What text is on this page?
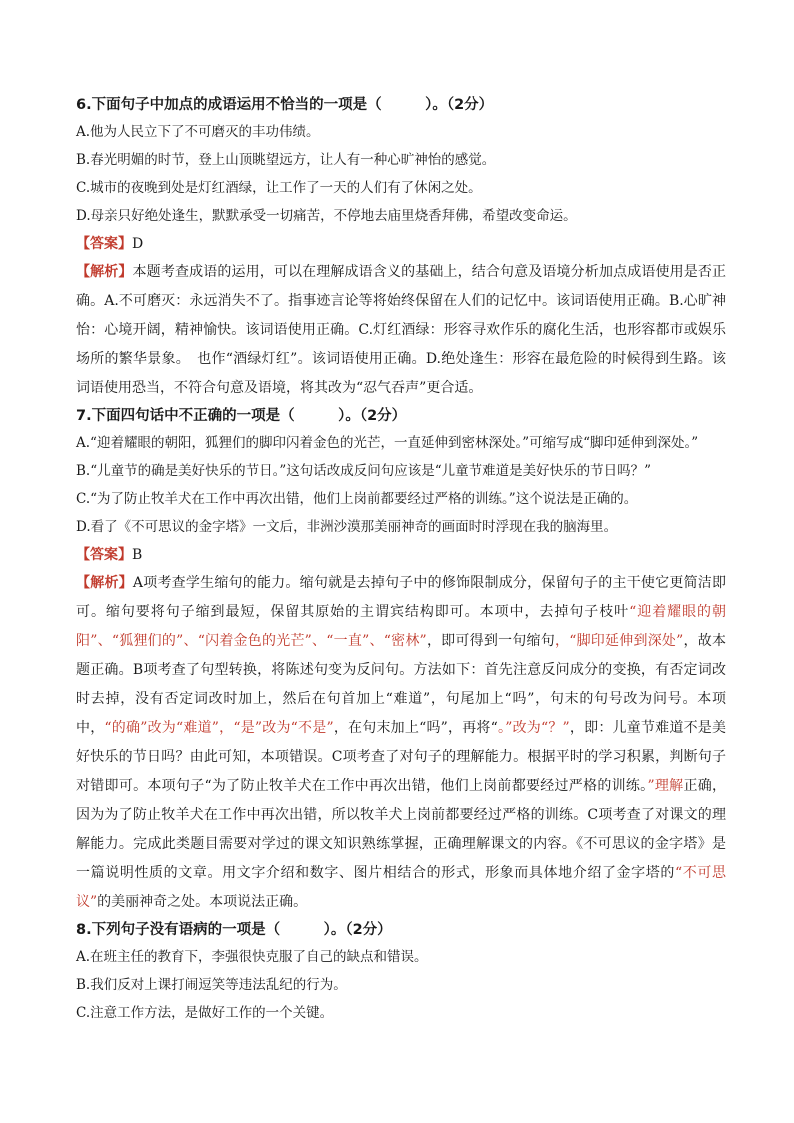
6.下面句子中加点的成语运用不恰当的一项是（　　　）。（2分）
A.他为人民立下了不可磨灭的丰功伟绩。
B.春光明媚的时节，登上山顶眺望远方，让人有一种心旷神怡的感觉。
C.城市的夜晚到处是灯红酒绿，让工作了一天的人们有了休闲之处。
D.母亲只好绝处逢生，默默承受一切痛苦，不停地去庙里烧香拜佛，希望改变命运。
【答案】D
【解析】本题考查成语的运用，可以在理解成语含义的基础上，结合句意及语境分析加点成语使用是否正确。A.不可磨灭：永远消失不了。指事迹言论等将始终保留在人们的记忆中。该词语使用正确。B.心旷神怡：心境开阔，精神愉快。该词语使用正确。C.灯红酒绿：形容寻欢作乐的腐化生活，也形容都市或娱乐场所的繁华景象。　也作“酒绿灯红”。该词语使用正确。D.绝处逢生：形容在最危险的时候得到生路。该词语使用恐当，不符合句意及语境，将其改为“忍气吞声”更合适。
7.下面四句话中不正确的一项是（　　　）。（2分）
A.“迎着耀眼的朝阳，狐狸们的脚印闪着金色的光芒，一直延伸到密林深处。”可缩写成“脚印延伸到深处。”
B.“儿童节的确是美好快乐的节日。”这句话改成反问句应该是“儿童节难道是美好快乐的节日吗？”
C.“为了防止牧羊犬在工作中再次出错，他们上岗前都要经过严格的训练。”这个说法是正确的。
D.看了《不可思议的金字塔》一文后，非洲沙漠那美丽神奇的画面时时浮现在我的脑海里。
【答案】B
【解析】A项考查学生缩句的能力。缩句就是去掉句子中的修饰限制成分，保留句子的主干使它更简洁即可。缩句要将句子缩到最短，保留其原始的主谓宾结构即可。本项中，去掉句子枝叶“迎着耀眼的朝阳”、“狐狸们的”、“闪着金色的光芒”、“一直”、“密林”，即可得到一句缩句，“脚印延伸到深处”，故本题正确。B项考查了句型转换，将陈述句变为反问句。方法如下：首先注意反问成分的变换，有否定词改时去掉，没有否定词改时加上，然后在句首加上“难道”，句尾加上“吗”，句末的句号改为问号。本项中，“的确”改为“难道”，“是”改为“不是”，在句末加上“吗”，再将“。”改为“？”，即：儿童节难道不是美好快乐的节日吗？由此可知，本项错误。C项考查了对句子的理解能力。根据平时的学习积累，判断句子对错即可。本项句子“为了防止牧羊犬在工作中再次出错，他们上岗前都要经过严格的训练。”理解正确，因为为了防止牧羊犬在工作中再次出错，所以牧羊犬上岗前都要经过严格的训练。C项考查了对课文的理解能力。完成此类题目需要对学过的课文知识熟练掌握，正确理解课文的内容。《不可思议的金字塔》是一篇说明性质的文章。用文字介绍和数字、图片相结合的形式，形象而具体地介绍了金字塔的“不可思议”的美丽神奇之处。本项说法正确。
8.下列句子没有语病的一项是（　　　）。（2分）
A.在班主任的教育下，李强很快克服了自己的缺点和错误。
B.我们反对上课打闹逗笑等违法乱纪的行为。
C.注意工作方法，是做好工作的一个关键。
